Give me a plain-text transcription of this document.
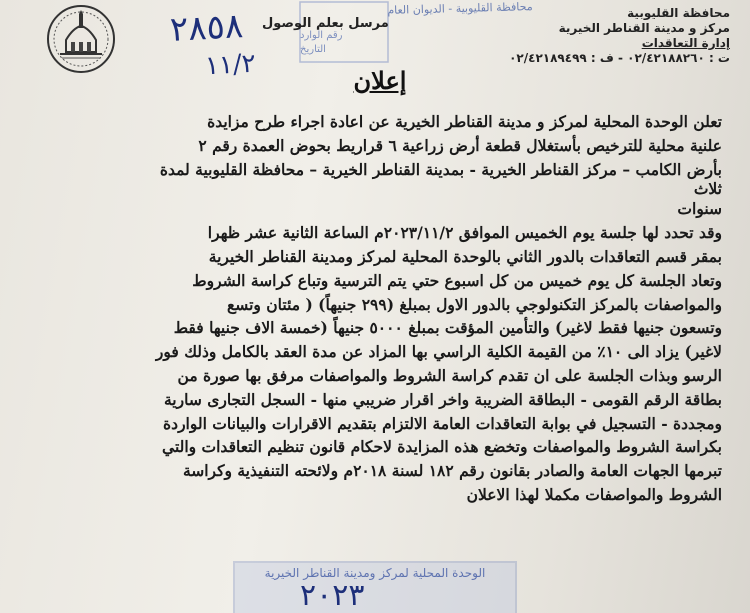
محافظة القليوبية - الديوان العام
رقم الوارد
التاريخ
٢٨٥٨
١١/٢
مرسل بعلم الوصول
محافظة القليوبية
مركز و مدينة القناطر الخيرية
إدارة التعاقدات
ت : ٠٢/٤٢١٨٨٢٦٠ - ف : ٠٢/٤٢١٨٩٤٩٩
إعلان
تعلن الوحدة المحلية لمركز و مدينة القناطر الخيرية عن اعادة اجراء طرح مزايدة
علنية محلية للترخيص بأستغلال قطعة أرض زراعية ٦ قراريط بحوض العمدة رقم ٢
بأرض الكامب – مركز القناطر الخيرية - بمدينة القناطر الخيرية – محافظة القليوبية لمدة
ثلاث
سنوات
وقد تحدد لها جلسة يوم الخميس الموافق ٢٠٢٣/١١/٢م الساعة الثانية عشر ظهرا
بمقر قسم التعاقدات بالدور الثاني بالوحدة المحلية لمركز ومدينة القناطر الخيرية
وتعاد الجلسة كل يوم خميس من كل اسبوع حتي يتم الترسية وتباع كراسة الشروط
والمواصفات بالمركز التكنولوجي بالدور الاول بمبلغ (٢٩٩ جنيهاً) ( مئتان وتسع
وتسعون جنيها فقط لاغير) والتأمين المؤقت بمبلغ ٥٠٠٠ جنيهاً (خمسة الاف جنيها فقط
لاغير) يزاد الى ١٠٪ من القيمة الكلية الراسي بها المزاد عن مدة العقد بالكامل وذلك فور
الرسو وبذات الجلسة على ان تقدم كراسة الشروط والمواصفات مرفق بها صورة من
بطاقة الرقم القومى - البطاقة الضريبة واخر اقرار ضريبي منها - السجل التجارى سارية
ومجددة - التسجيل في بوابة التعاقدات العامة الالتزام بتقديم الاقرارات والبيانات الواردة
بكراسة الشروط والمواصفات وتخضع هذه المزايدة لاحكام قانون تنظيم التعاقدات والتي
تبرمها الجهات العامة والصادر بقانون رقم ١٨٢ لسنة ٢٠١٨م ولائحته التنفيذية وكراسة
الشروط والمواصفات مكملا لهذا الاعلان
الوحدة المحلية لمركز ومدينة القناطر الخيرية
٢٠٢٣
